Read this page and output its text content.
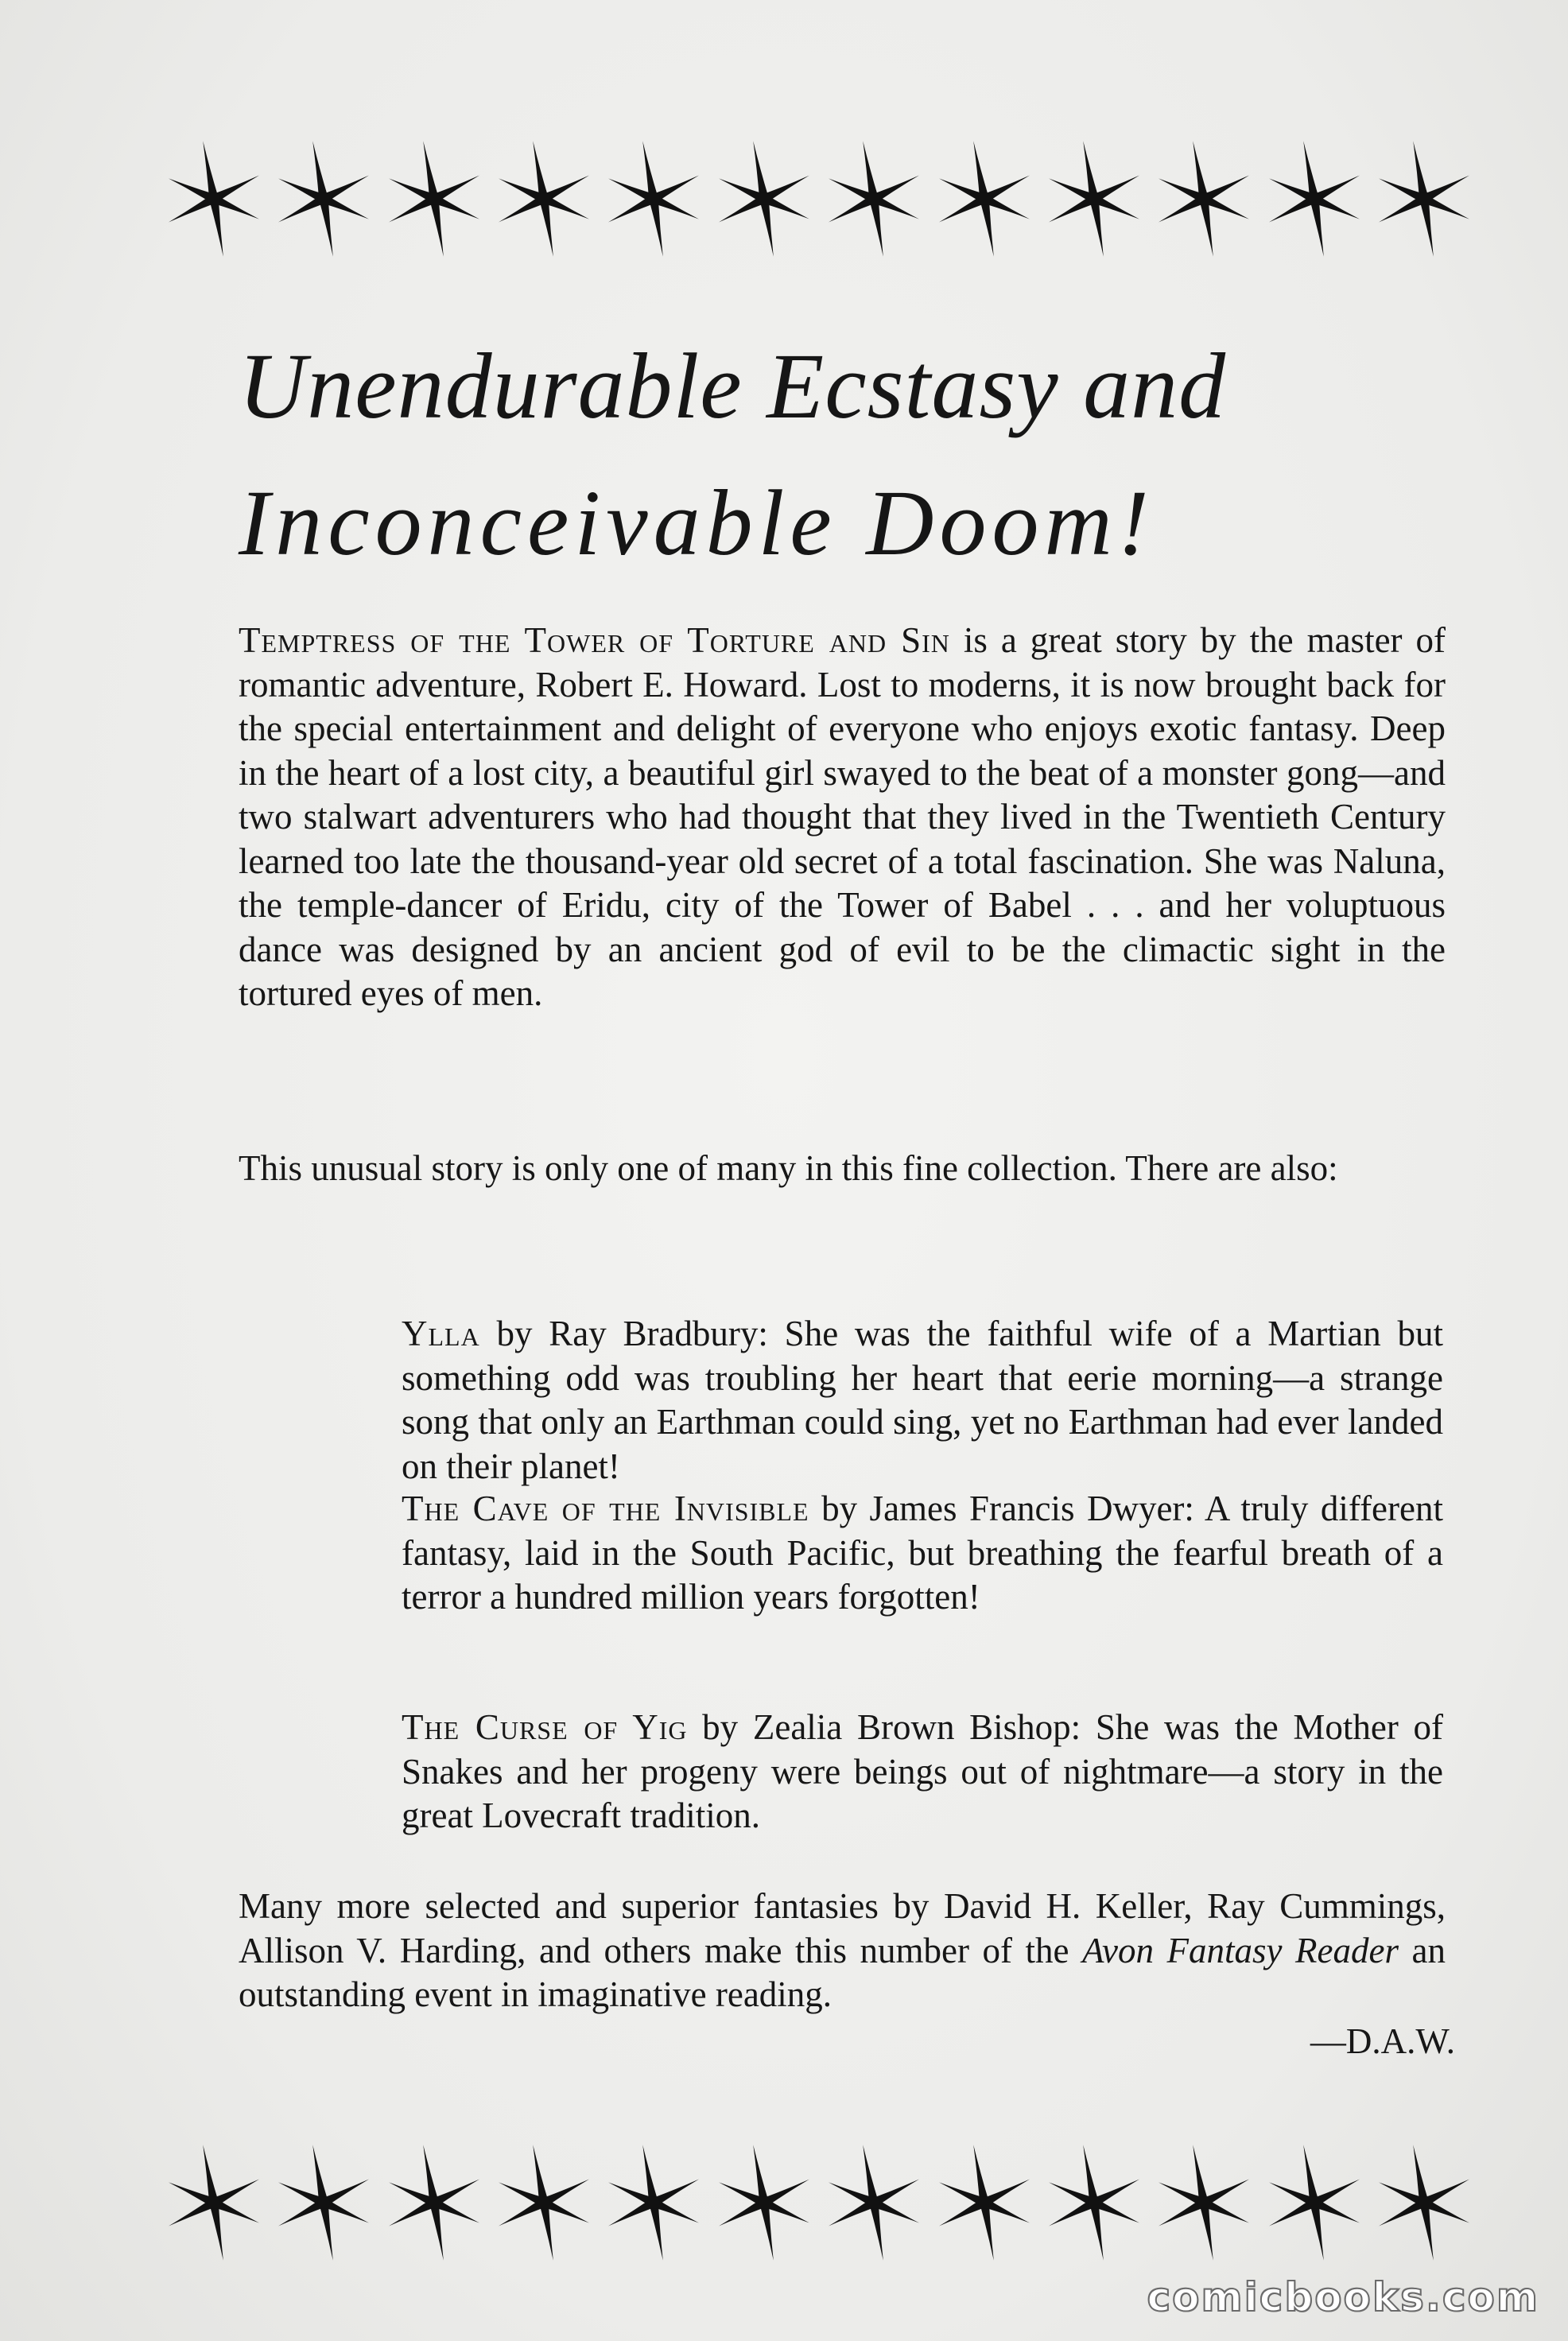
Unendurable Ecstasy and
Inconceivable Doom!

Temptress of the Tower of Torture and Sin is a great story by the master of romantic adventure, Robert E. Howard. Lost to moderns, it is now brought back for the special entertainment and delight of everyone who enjoys exotic fantasy. Deep in the heart of a lost city, a beautiful girl swayed to the beat of a monster gong—and two stalwart adventurers who had thought that they lived in the Twentieth Century learned too late the thousand-year old secret of a total fascination. She was Naluna, the temple-dancer of Eridu, city of the Tower of Babel . . . and her voluptuous dance was designed by an ancient god of evil to be the climactic sight in the tortured eyes of men.

This unusual story is only one of many in this fine collection. There are also:

Ylla by Ray Bradbury: She was the faithful wife of a Martian but something odd was troubling her heart that eerie morning—a strange song that only an Earthman could sing, yet no Earthman had ever landed on their planet!

The Cave of the Invisible by James Francis Dwyer: A truly different fantasy, laid in the South Pacific, but breathing the fearful breath of a terror a hundred million years forgotten!

The Curse of Yig by Zealia Brown Bishop: She was the Mother of Snakes and her progeny were beings out of nightmare—a story in the great Lovecraft tradition.

Many more selected and superior fantasies by David H. Keller, Ray Cummings, Allison V. Harding, and others make this number of the Avon Fantasy Reader an outstanding event in imaginative reading.

—D.A.W.
comicbooks.com
